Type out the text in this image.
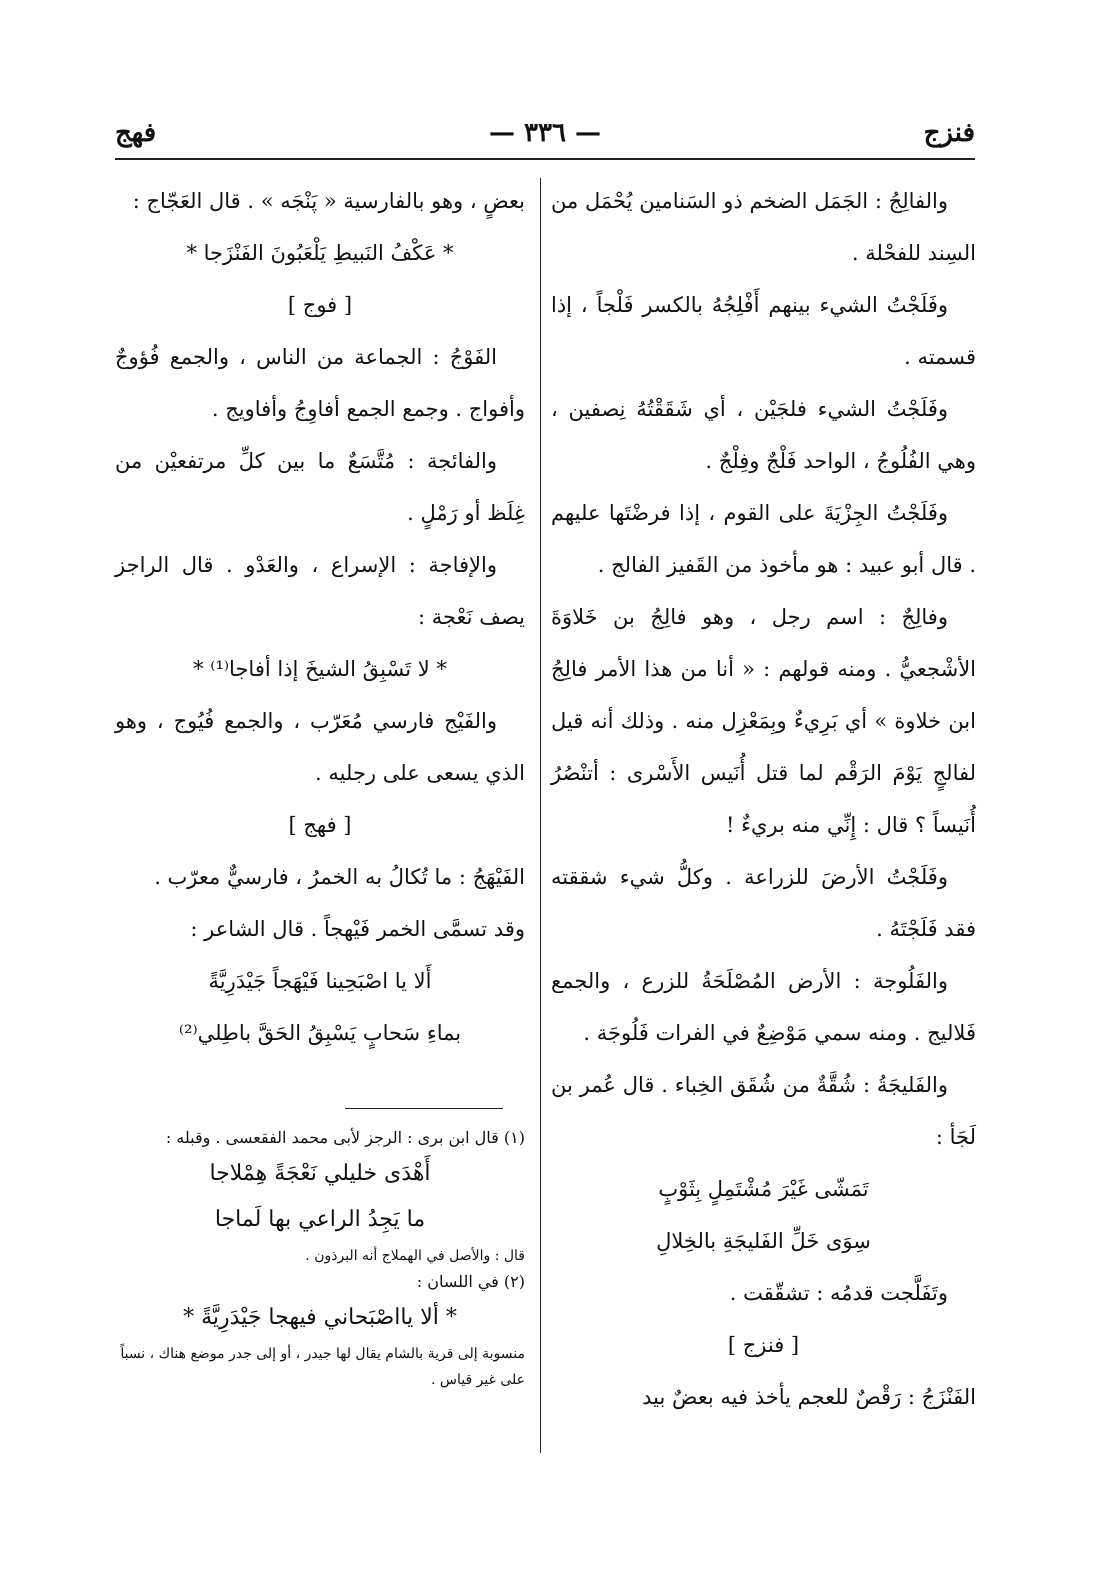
فنزج
— ٣٣٦ —
فهج

والفالِجُ : الجَمَل الضخم ذو السَنامين يُحْمَل من السِند للفحْلة .

وفَلَجْتُ الشيء بينهم أَفْلِجُهُ بالكسر فَلْجاً ، إذا قسمته .

وفَلَجْتُ الشيء فلجَيْن ، أي شَقَقْتُهُ نِصفين ، وهي الفُلُوجُ ، الواحد فَلْجٌ وفِلْجٌ .

وفَلَجْتُ الجِزْيَةَ على القوم ، إذا فرضْتَها عليهم . قال أبو عبيد : هو مأخوذ من القَفيز الفالج .

وفالِجٌ : اسم رجل ، وهو فالِجُ بن خَلاوَةَ الأشْجعيُّ . ومنه قولهم : « أنا من هذا الأمر فالِجُ ابن خلاوة » أي بَرِيءٌ وبِمَعْزِل منه . وذلك أنه قيل لفالجٍ يَوْمَ الرَقْم لما قتل أُنَيس الأَسْرى : أتنْصُرُ أُنَيساً ؟ قال : إِنِّي منه بريءٌ !

وفَلَجْتُ الأرضَ للزراعة . وكلُّ شيء شققته فقد فَلَجْتَهُ .

والفَلُوجة : الأرض المُصْلَحَةُ للزرع ، والجمع فَلاليج . ومنه سمي مَوْضِعٌ في الفرات فَلُوجَة .

والفَليجَةُ : شُقَّةٌ من شُقَق الخِباء . قال عُمر بن لَجَأ :

تَمَشّى غَيْرَ مُشْتَمِلٍ بِثَوْبٍ

سِوَى خَلِّ الفَليجَةِ بالخِلالِ

وتَفَلَّجت قدمُه : تشقّقت .

[ فنزج ]

الفَنْزَجُ : رَقْصٌ للعجم يأخذ فيه بعضٌ بيد

بعضٍ ، وهو بالفارسية « پَنْجَه » . قال العَجّاج :

* عَكْفُ النَبيطِ يَلْعَبُونَ الفَنْزَجا *

[ فوج ]

الفَوْجُ : الجماعة من الناس ، والجمع فُؤوجٌ وأفواج . وجمع الجمع أفاوِجُ وأفاويج .

والفائجة : مُتَّسَعٌ ما بين كلِّ مرتفعيْن من غِلَظ أو رَمْلٍ .

والإفاجة : الإسراع ، والعَدْو . قال الراجز يصف نَعْجة :

* لا تَسْبِقُ الشيخَ إذا أفاجا⁽¹⁾ *

والفَيْج فارسي مُعَرّب ، والجمع فُيُوج ، وهو الذي يسعى على رجليه .

[ فهج ]

الفَيْهَجُ : ما تُكالُ به الخمرُ ، فارسيٌّ معرّب .

وقد تسمَّى الخمر فَيْهجاً . قال الشاعر :

أَلا يا اصْبَحِينا فَيْهَجاً جَيْدَرِيَّةً

بماءِ سَحابٍ يَسْبِقُ الحَقَّ باطِلي⁽²⁾

(١) قال ابن برى : الرجز لأبى محمد الفقعسى . وقبله :

أَهْدَى خليلي نَعْجَةً هِمْلاجا

ما يَجِدُ الراعي بها لَماجا

قال : والأصل في الهملاج أنه البرذون .

(٢) في اللسان :

* ألا يااصْبَحاني فيهجا جَيْدَرِيَّةً *

منسوبة إلى قرية بالشام يقال لها جيدر ، أو إلى جدر موضع هناك ، نسباً على غير قياس .
